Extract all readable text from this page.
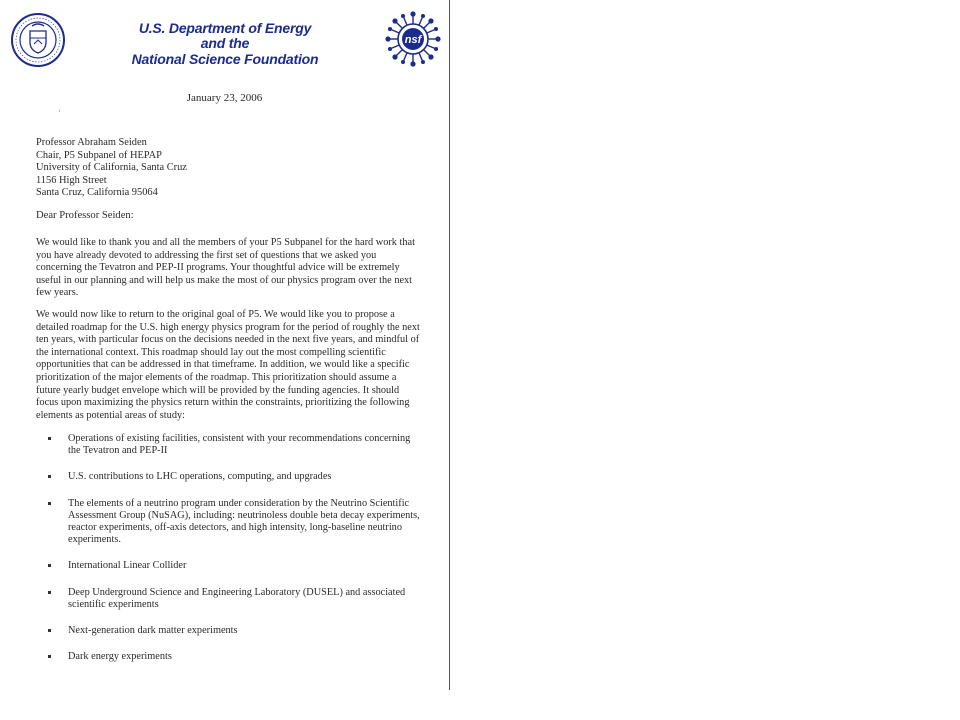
U.S. Department of Energy
and the
National Science Foundation
nsf
January 23, 2006
·
Professor Abraham Seiden
Chair, P5 Subpanel of HEPAP
University of California, Santa Cruz
1156 High Street
Santa Cruz, California 95064
Dear Professor Seiden:
We would like to thank you and all the members of your P5 Subpanel for the hard work that
you have already devoted to addressing the first set of questions that we asked you
concerning the Tevatron and PEP-II programs. Your thoughtful advice will be extremely
useful in our planning and will help us make the most of our physics program over the next
few years.
We would now like to return to the original goal of P5. We would like you to propose a
detailed roadmap for the U.S. high energy physics program for the period of roughly the next
ten years, with particular focus on the decisions needed in the next five years, and mindful of
the international context. This roadmap should lay out the most compelling scientific
opportunities that can be addressed in that timeframe. In addition, we would like a specific
prioritization of the major elements of the roadmap. This prioritization should assume a
future yearly budget envelope which will be provided by the funding agencies. It should
focus upon maximizing the physics return within the constraints, prioritizing the following
elements as potential areas of study:
Operations of existing facilities, consistent with your recommendations concerning
the Tevatron and PEP-II
U.S. contributions to LHC operations, computing, and upgrades
The elements of a neutrino program under consideration by the Neutrino Scientific
Assessment Group (NuSAG), including: neutrinoless double beta decay experiments,
reactor experiments, off-axis detectors, and high intensity, long-baseline neutrino
experiments.
International Linear Collider
Deep Underground Science and Engineering Laboratory (DUSEL) and associated
scientific experiments
Next-generation dark matter experiments
Dark energy experiments
